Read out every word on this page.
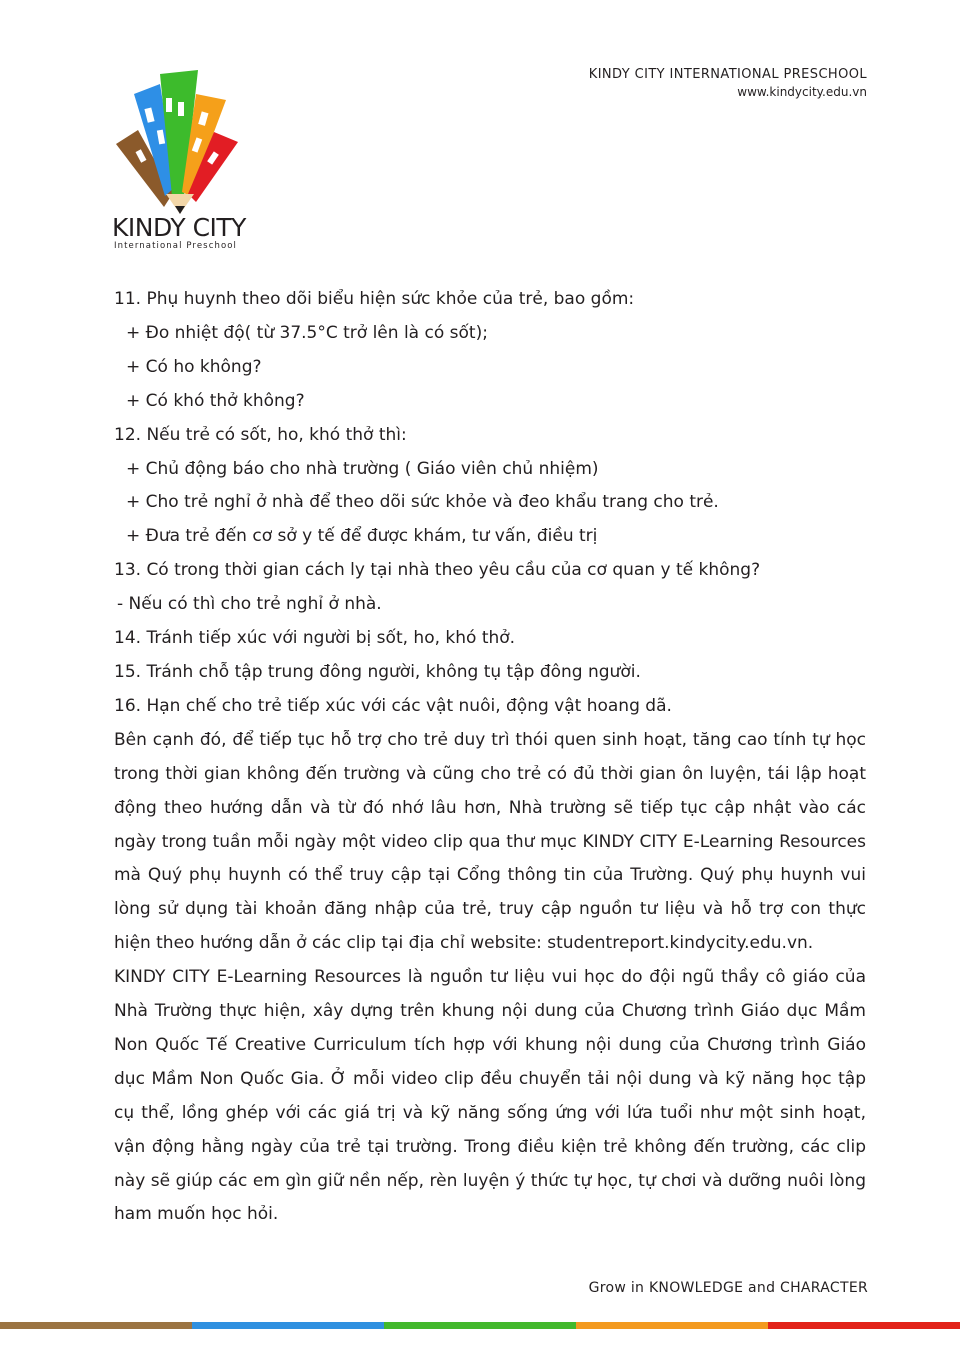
KINDY CITY INTERNATIONAL PRESCHOOL
www.kindycity.edu.vn
KINDY CITY
International Preschool

11. Phụ huynh theo dõi biểu hiện sức khỏe của trẻ, bao gồm:

+ Đo nhiệt độ( từ 37.5°C trở lên là có sốt);

+ Có ho không?

+ Có khó thở không?

12. Nếu trẻ có sốt, ho, khó thở thì:

+ Chủ động báo cho nhà trường ( Giáo viên chủ nhiệm)

+ Cho trẻ nghỉ ở nhà để theo dõi sức khỏe và đeo khẩu trang cho trẻ.

+ Đưa trẻ đến cơ sở y tế để được khám, tư vấn, điều trị

13. Có trong thời gian cách ly tại nhà theo yêu cầu của cơ quan y tế không?

- Nếu có thì cho trẻ nghỉ ở nhà.

14. Tránh tiếp xúc với người bị sốt, ho, khó thở.

15. Tránh chỗ tập trung đông người, không tụ tập đông người.

16. Hạn chế cho trẻ tiếp xúc với các vật nuôi, động vật hoang dã.

Bên cạnh đó, để tiếp tục hỗ trợ cho trẻ duy trì thói quen sinh hoạt, tăng cao tính tự học trong thời gian không đến trường và cũng cho trẻ có đủ thời gian ôn luyện, tái lập hoạt động theo hướng dẫn và từ đó nhớ lâu hơn, Nhà trường sẽ tiếp tục cập nhật vào các ngày trong tuần mỗi ngày một video clip qua thư mục KINDY CITY E-Learning Resources mà Quý phụ huynh có thể truy cập tại Cổng thông tin của Trường. Quý phụ huynh vui lòng sử dụng tài khoản đăng nhập của trẻ, truy cập nguồn tư liệu và hỗ trợ con thực hiện theo hướng dẫn ở các clip tại địa chỉ website: studentreport.kindycity.edu.vn.

KINDY CITY E-Learning Resources là nguồn tư liệu vui học do đội ngũ thầy cô giáo của Nhà Trường thực hiện, xây dựng trên khung nội dung của Chương trình Giáo dục Mầm Non Quốc Tế Creative Curriculum tích hợp với khung nội dung của Chương trình Giáo dục Mầm Non Quốc Gia. Ở mỗi video clip đều chuyển tải nội dung và kỹ năng học tập cụ thể, lồng ghép với các giá trị và kỹ năng sống ứng với lứa tuổi như một sinh hoạt, vận động hằng ngày của trẻ tại trường. Trong điều kiện trẻ không đến trường, các clip này sẽ giúp các em gìn giữ nền nếp, rèn luyện ý thức tự học, tự chơi và dưỡng nuôi lòng ham muốn học hỏi.

Grow in KNOWLEDGE and CHARACTER
